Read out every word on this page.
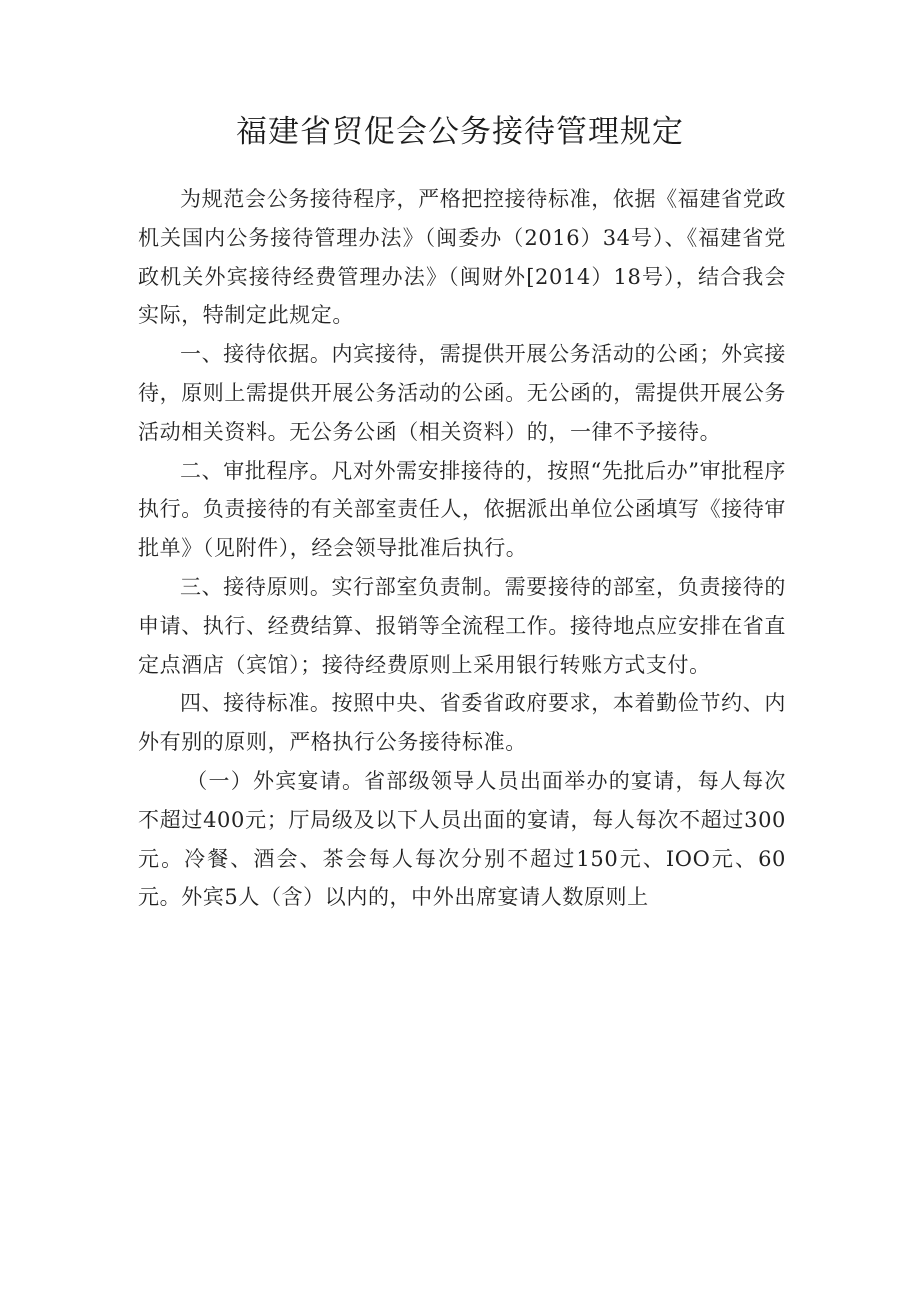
福建省贸促会公务接待管理规定

为规范会公务接待程序，严格把控接待标准，依据《福建省党政机关国内公务接待管理办法》（闽委办（2016）34号）、《福建省党政机关外宾接待经费管理办法》（闽财外[2014）18号），结合我会实际，特制定此规定。

一、接待依据。内宾接待，需提供开展公务活动的公函；外宾接待，原则上需提供开展公务活动的公函。无公函的，需提供开展公务活动相关资料。无公务公函（相关资料）的，一律不予接待。

二、审批程序。凡对外需安排接待的，按照“先批后办”审批程序执行。负责接待的有关部室责任人，依据派出单位公函填写《接待审批单》（见附件），经会领导批准后执行。

三、接待原则。实行部室负责制。需要接待的部室，负责接待的申请、执行、经费结算、报销等全流程工作。接待地点应安排在省直定点酒店（宾馆）；接待经费原则上采用银行转账方式支付。

四、接待标准。按照中央、省委省政府要求，本着勤俭节约、内外有别的原则，严格执行公务接待标准。

（一）外宾宴请。省部级领导人员出面举办的宴请，每人每次不超过400元；厅局级及以下人员出面的宴请，每人每次不超过300元。冷餐、酒会、茶会每人每次分别不超过150元、IOO元、60元。外宾5人（含）以内的，中外出席宴请人数原则上
